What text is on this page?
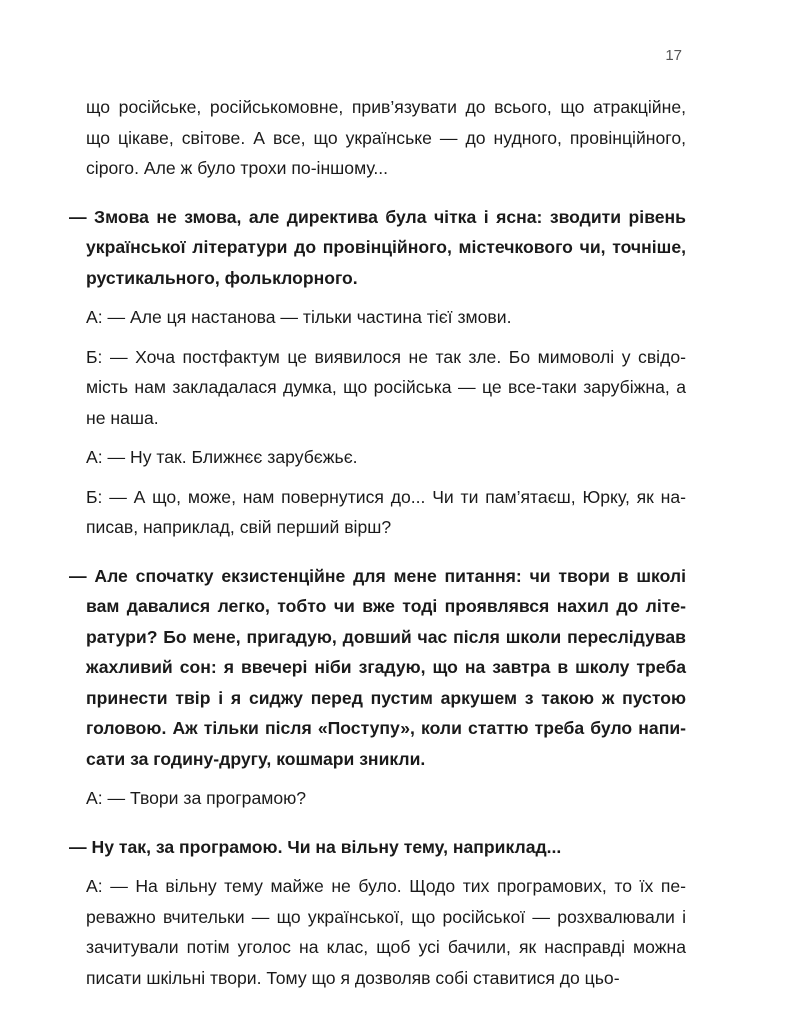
17

що російське, російськомовне, прив’язувати до всього, що атракційне, що цікаве, світове. А все, що українське — до нудного, провінційного, сірого. Але ж було трохи по-іншому...

— Змова не змова, але директива була чітка і ясна: зводити рівень української літератури до провінційного, містечкового чи, точніше, рустикального, фольклорного.

А: — Але ця настанова — тільки частина тієї змови.

Б: — Хоча постфактум це виявилося не так зле. Бо мимоволі у свідомість нам закладалася думка, що російська — це все-таки зарубіжна, а не наша.

А: — Ну так. Ближнєє зарубєжьє.

Б: — А що, може, нам повернутися до... Чи ти пам’ятаєш, Юрку, як написав, наприклад, свій перший вірш?

— Але спочатку екзистенційне для мене питання: чи твори в школі вам давалися легко, тобто чи вже тоді проявлявся нахил до літератури? Бо мене, пригадую, довший час після школи переслідував жахливий сон: я ввечері ніби згадую, що на завтра в школу треба принести твір і я сиджу перед пустим аркушем з такою ж пустою головою. Аж тільки після «Поступу», коли статтю треба було написати за годину-другу, кошмари зникли.

А: — Твори за програмою?

— Ну так, за програмою. Чи на вільну тему, наприклад...

А: — На вільну тему майже не було. Щодо тих програмових, то їх переважно вчительки — що української, що російської — розхвалювали і зачитували потім уголос на клас, щоб усі бачили, як насправді можна писати шкільні твори. Тому що я дозволяв собі ставитися до цьо-
